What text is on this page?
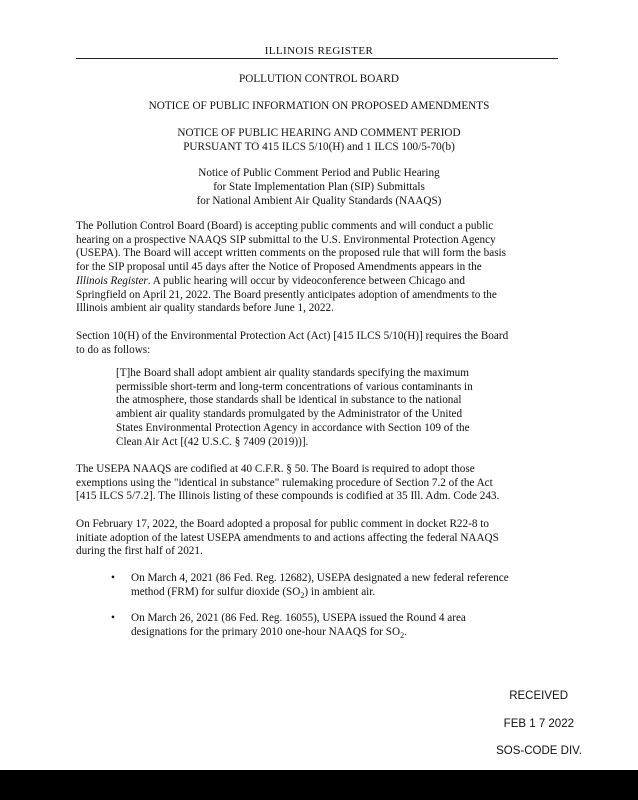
ILLINOIS REGISTER
POLLUTION CONTROL BOARD
NOTICE OF PUBLIC INFORMATION ON PROPOSED AMENDMENTS
NOTICE OF PUBLIC HEARING AND COMMENT PERIOD
PURSUANT TO 415 ILCS 5/10(H) and 1 ILCS 100/5-70(b)
Notice of Public Comment Period and Public Hearing
for State Implementation Plan (SIP) Submittals
for National Ambient Air Quality Standards (NAAQS)
The Pollution Control Board (Board) is accepting public comments and will conduct a public
hearing on a prospective NAAQS SIP submittal to the U.S. Environmental Protection Agency
(USEPA). The Board will accept written comments on the proposed rule that will form the basis
for the SIP proposal until 45 days after the Notice of Proposed Amendments appears in the
Illinois Register. A public hearing will occur by videoconference between Chicago and
Springfield on April 21, 2022. The Board presently anticipates adoption of amendments to the
Illinois ambient air quality standards before June 1, 2022.
Section 10(H) of the Environmental Protection Act (Act) [415 ILCS 5/10(H)] requires the Board
to do as follows:
[T]he Board shall adopt ambient air quality standards specifying the maximum
permissible short-term and long-term concentrations of various contaminants in
the atmosphere, those standards shall be identical in substance to the national
ambient air quality standards promulgated by the Administrator of the United
States Environmental Protection Agency in accordance with Section 109 of the
Clean Air Act [(42 U.S.C. § 7409 (2019))].
The USEPA NAAQS are codified at 40 C.F.R. § 50. The Board is required to adopt those
exemptions using the "identical in substance" rulemaking procedure of Section 7.2 of the Act
[415 ILCS 5/7.2]. The Illinois listing of these compounds is codified at 35 Ill. Adm. Code 243.
On February 17, 2022, the Board adopted a proposal for public comment in docket R22-8 to
initiate adoption of the latest USEPA amendments to and actions affecting the federal NAAQS
during the first half of 2021.
•	On March 4, 2021 (86 Fed. Reg. 12682), USEPA designated a new federal reference
method (FRM) for sulfur dioxide $(SO_2)$ in ambient air.
•	On March 26, 2021 (86 Fed. Reg. 16055), USEPA issued the Round 4 area
designations for the primary 2010 one-hour NAAQS for $SO_2$.
RECEIVED
FEB 1 7 2022
SOS-CODE DIV.
